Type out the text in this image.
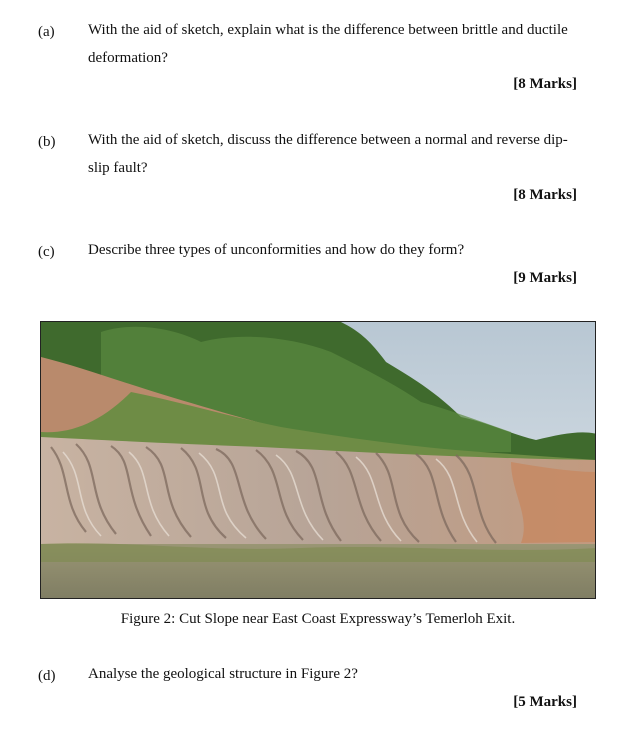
(a) With the aid of sketch, explain what is the difference between brittle and ductile
deformation?
[8 Marks]
(b) With the aid of sketch, discuss the difference between a normal and reverse dip-
slip fault?
[8 Marks]
(c) Describe three types of unconformities and how do they form?
[9 Marks]
Figure 2: Cut Slope near East Coast Expressway’s Temerloh Exit.
(d) Analyse the geological structure in Figure 2?
[5 Marks]
